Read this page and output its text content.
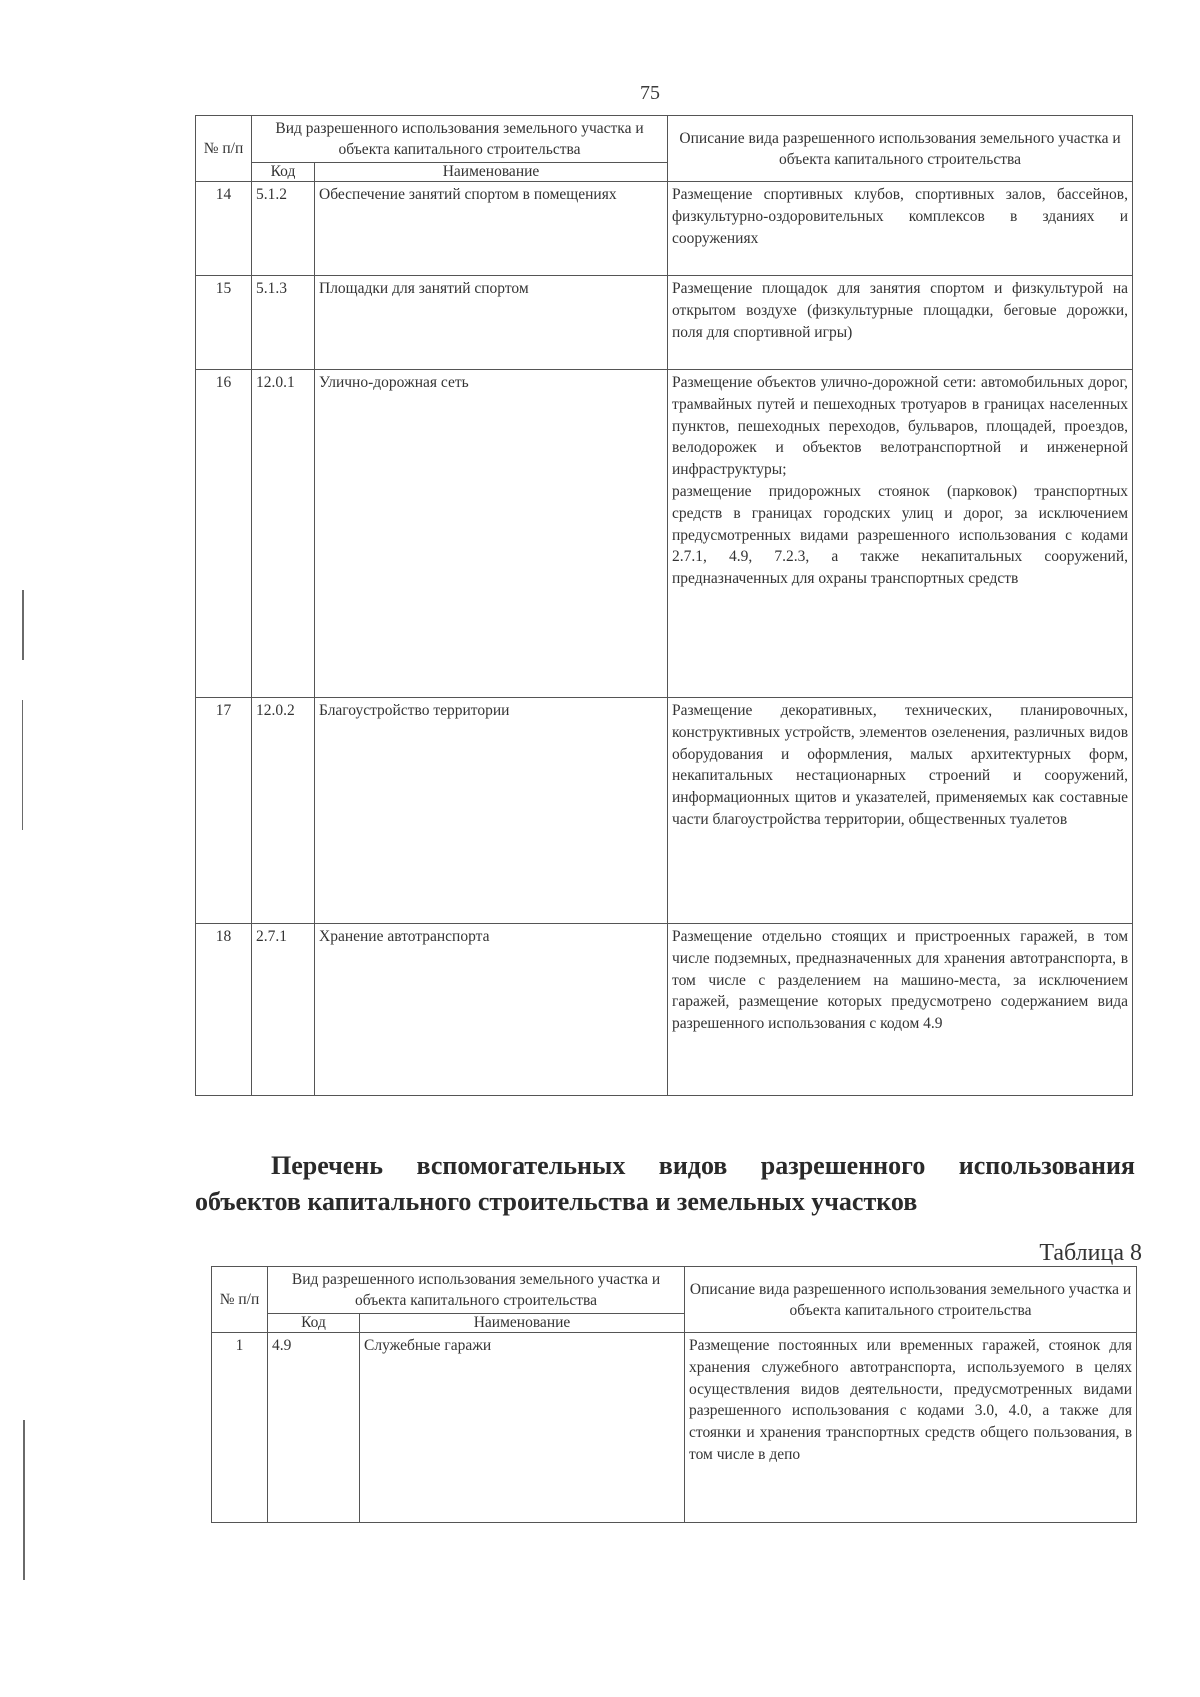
75
№ п/п	Вид разрешенного использования земельного участка и объекта капитального строительства		Описание вида разрешенного использования земельного участка и объекта капитального строительства
	Код	Наименование	
14	5.1.2	Обеспечение занятий спортом в помещениях	Размещение спортивных клубов, спортивных залов, бассейнов, физкультурно-оздоровительных комплексов в зданиях и сооружениях
15	5.1.3	Площадки для занятий спортом	Размещение площадок для занятия спортом и физкультурой на открытом воздухе (физкультурные площадки, беговые дорожки, поля для спортивной игры)
16	12.0.1	Улично-дорожная сеть	Размещение объектов улично-дорожной сети: автомобильных дорог, трамвайных путей и пешеходных тротуаров в границах населенных пунктов, пешеходных переходов, бульваров, площадей, проездов, велодорожек и объектов велотранспортной и инженерной инфраструктуры;
размещение придорожных стоянок (парковок) транспортных средств в границах городских улиц и дорог, за исключением предусмотренных видами разрешенного использования с кодами 2.7.1, 4.9, 7.2.3, а также некапитальных сооружений, предназначенных для охраны транспортных средств

17	12.0.2	Благоустройство территории	Размещение декоративных, технических, планировочных, конструктивных устройств, элементов озеленения, различных видов оборудования и оформления, малых архитектурных форм, некапитальных нестационарных строений и сооружений, информационных щитов и указателей, применяемых как составные части благоустройства территории, общественных туалетов
18	2.7.1	Хранение автотранспорта	Размещение отдельно стоящих и пристроенных гаражей, в том числе подземных, предназначенных для хранения автотранспорта, в том числе с разделением на машино-места, за исключением гаражей, размещение которых предусмотрено содержанием вида разрешенного использования с кодом 4.9
Перечень вспомогательных видов разрешенного использования объектов капитального строительства и земельных участков
Таблица 8
№ п/п	Вид разрешенного использования земельного участка и объекта капитального строительства		Описание вида разрешенного использования земельного участка и объекта капитального строительства
	Код	Наименование	
1	4.9	Служебные гаражи	Размещение постоянных или временных гаражей, стоянок для хранения служебного автотранспорта, используемого в целях осуществления видов деятельности, предусмотренных видами разрешенного использования с кодами 3.0, 4.0, а также для стоянки и хранения транспортных средств общего пользования, в том числе в депо
